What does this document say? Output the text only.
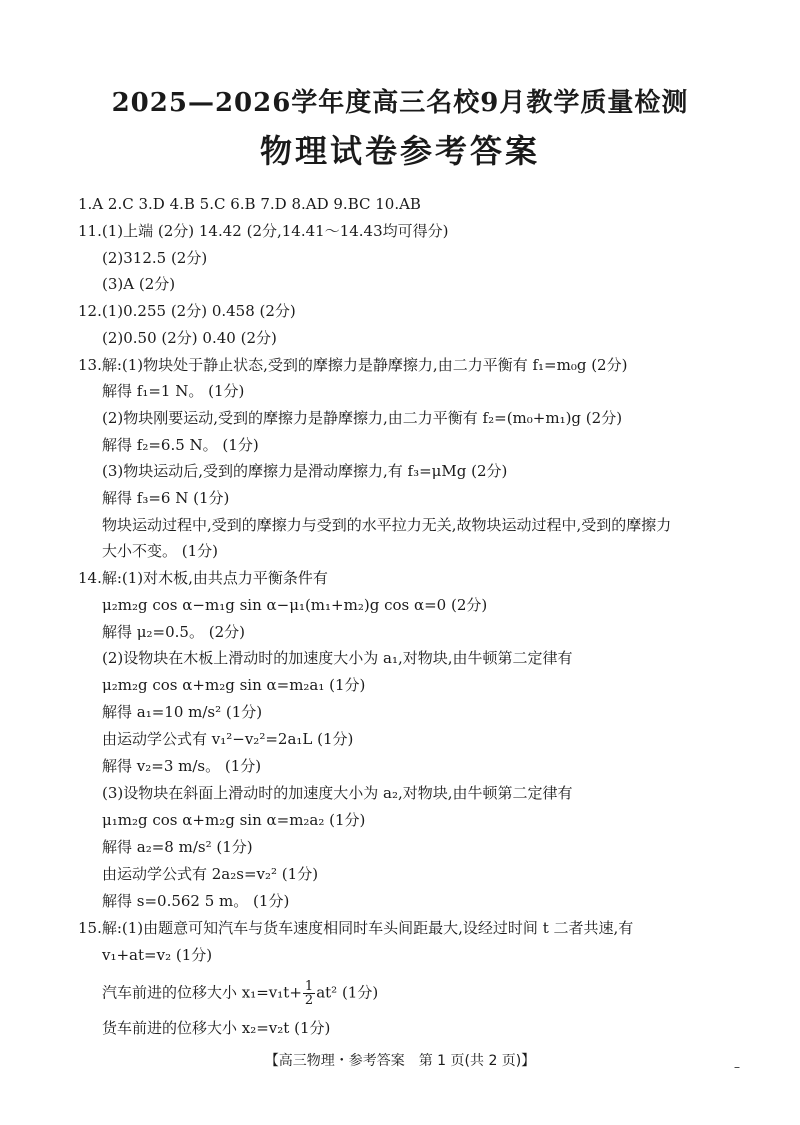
2025—2026学年度高三名校9月教学质量检测
物理试卷参考答案
1.A 2.C 3.D 4.B 5.C 6.B 7.D 8.AD 9.BC 10.AB
11.(1)上端 (2分) 14.42 (2分,14.41～14.43均可得分)
(2)312.5 (2分)
(3)A (2分)
12.(1)0.255 (2分) 0.458 (2分)
(2)0.50 (2分) 0.40 (2分)
13.解:(1)物块处于静止状态,受到的摩擦力是静摩擦力,由二力平衡有 f₁=m₀g (2分)
解得 f₁=1 N。 (1分)
(2)物块刚要运动,受到的摩擦力是静摩擦力,由二力平衡有 f₂=(m₀+m₁)g (2分)
解得 f₂=6.5 N。 (1分)
(3)物块运动后,受到的摩擦力是滑动摩擦力,有 f₃=μMg (2分)
解得 f₃=6 N (1分)
物块运动过程中,受到的摩擦力与受到的水平拉力无关,故物块运动过程中,受到的摩擦力
大小不变。 (1分)
14.解:(1)对木板,由共点力平衡条件有
μ₂m₂g cos α−m₁g sin α−μ₁(m₁+m₂)g cos α=0 (2分)
解得 μ₂=0.5。 (2分)
(2)设物块在木板上滑动时的加速度大小为 a₁,对物块,由牛顿第二定律有
μ₂m₂g cos α+m₂g sin α=m₂a₁ (1分)
解得 a₁=10 m/s² (1分)
由运动学公式有 v₁²−v₂²=2a₁L (1分)
解得 v₂=3 m/s。 (1分)
(3)设物块在斜面上滑动时的加速度大小为 a₂,对物块,由牛顿第二定律有
μ₁m₂g cos α+m₂g sin α=m₂a₂ (1分)
解得 a₂=8 m/s² (1分)
由运动学公式有 2a₂s=v₂² (1分)
解得 s=0.562 5 m。 (1分)
15.解:(1)由题意可知汽车与货车速度相同时车头间距最大,设经过时间 t 二者共速,有
v₁+at=v₂ (1分)
汽车前进的位移大小 $x_1=v_1t+ \frac{1}{2} at^2$ (1分)
货车前进的位移大小 x₂=v₂t (1分)
【高三物理・参考答案　第 1 页(共 2 页)】	–
